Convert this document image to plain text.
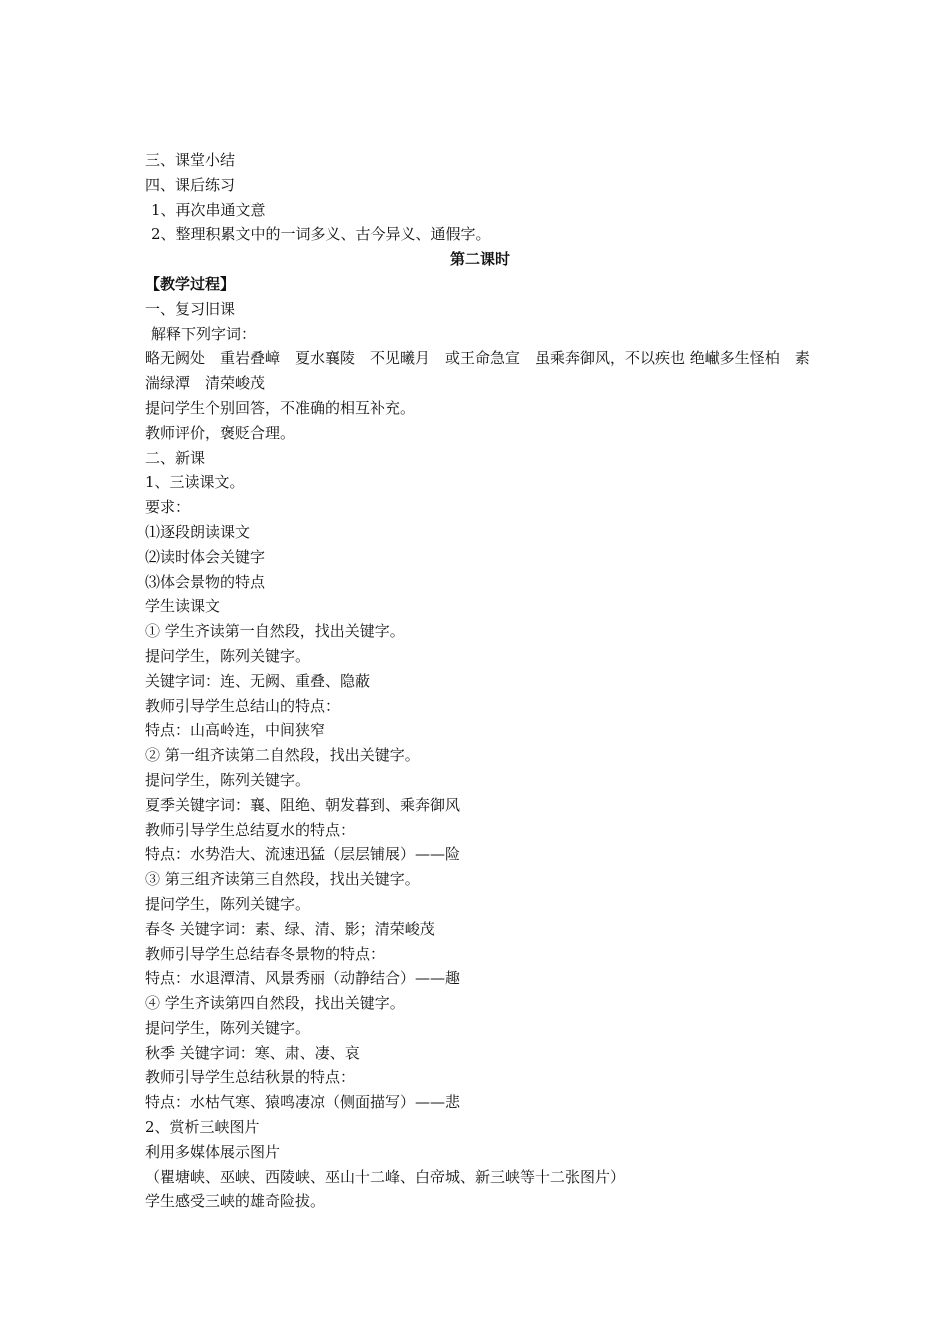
三、课堂小结
四、课后练习
1、再次串通文意
2、整理积累文中的一词多义、古今异义、通假字。
第二课时
【教学过程】
一、复习旧课
解释下列字词：
略无阙处　重岩叠嶂　夏水襄陵　不见曦月　或王命急宣　虽乘奔御风，不以疾也 绝𪩘多生怪柏　素湍绿潭　清荣峻茂
提问学生个别回答，不准确的相互补充。
教师评价，褒贬合理。
二、新课
1、三读课文。
要求：
⑴逐段朗读课文
⑵读时体会关键字
⑶体会景物的特点
学生读课文
① 学生齐读第一自然段，找出关键字。
提问学生，陈列关键字。
关键字词：连、无阙、重叠、隐蔽
教师引导学生总结山的特点：
特点：山高岭连，中间狭窄
② 第一组齐读第二自然段，找出关键字。
提问学生，陈列关键字。
夏季关键字词：襄、阻绝、朝发暮到、乘奔御风
教师引导学生总结夏水的特点：
特点：水势浩大、流速迅猛（层层铺展）——险
③ 第三组齐读第三自然段，找出关键字。
提问学生，陈列关键字。
春冬 关键字词：素、绿、清、影；清荣峻茂
教师引导学生总结春冬景物的特点：
特点：水退潭清、风景秀丽（动静结合）——趣
④ 学生齐读第四自然段，找出关键字。
提问学生，陈列关键字。
秋季 关键字词：寒、肃、凄、哀
教师引导学生总结秋景的特点：
特点：水枯气寒、猿鸣凄凉（侧面描写）——悲
2、赏析三峡图片
利用多媒体展示图片
（瞿塘峡、巫峡、西陵峡、巫山十二峰、白帝城、新三峡等十二张图片）
学生感受三峡的雄奇险拔。
